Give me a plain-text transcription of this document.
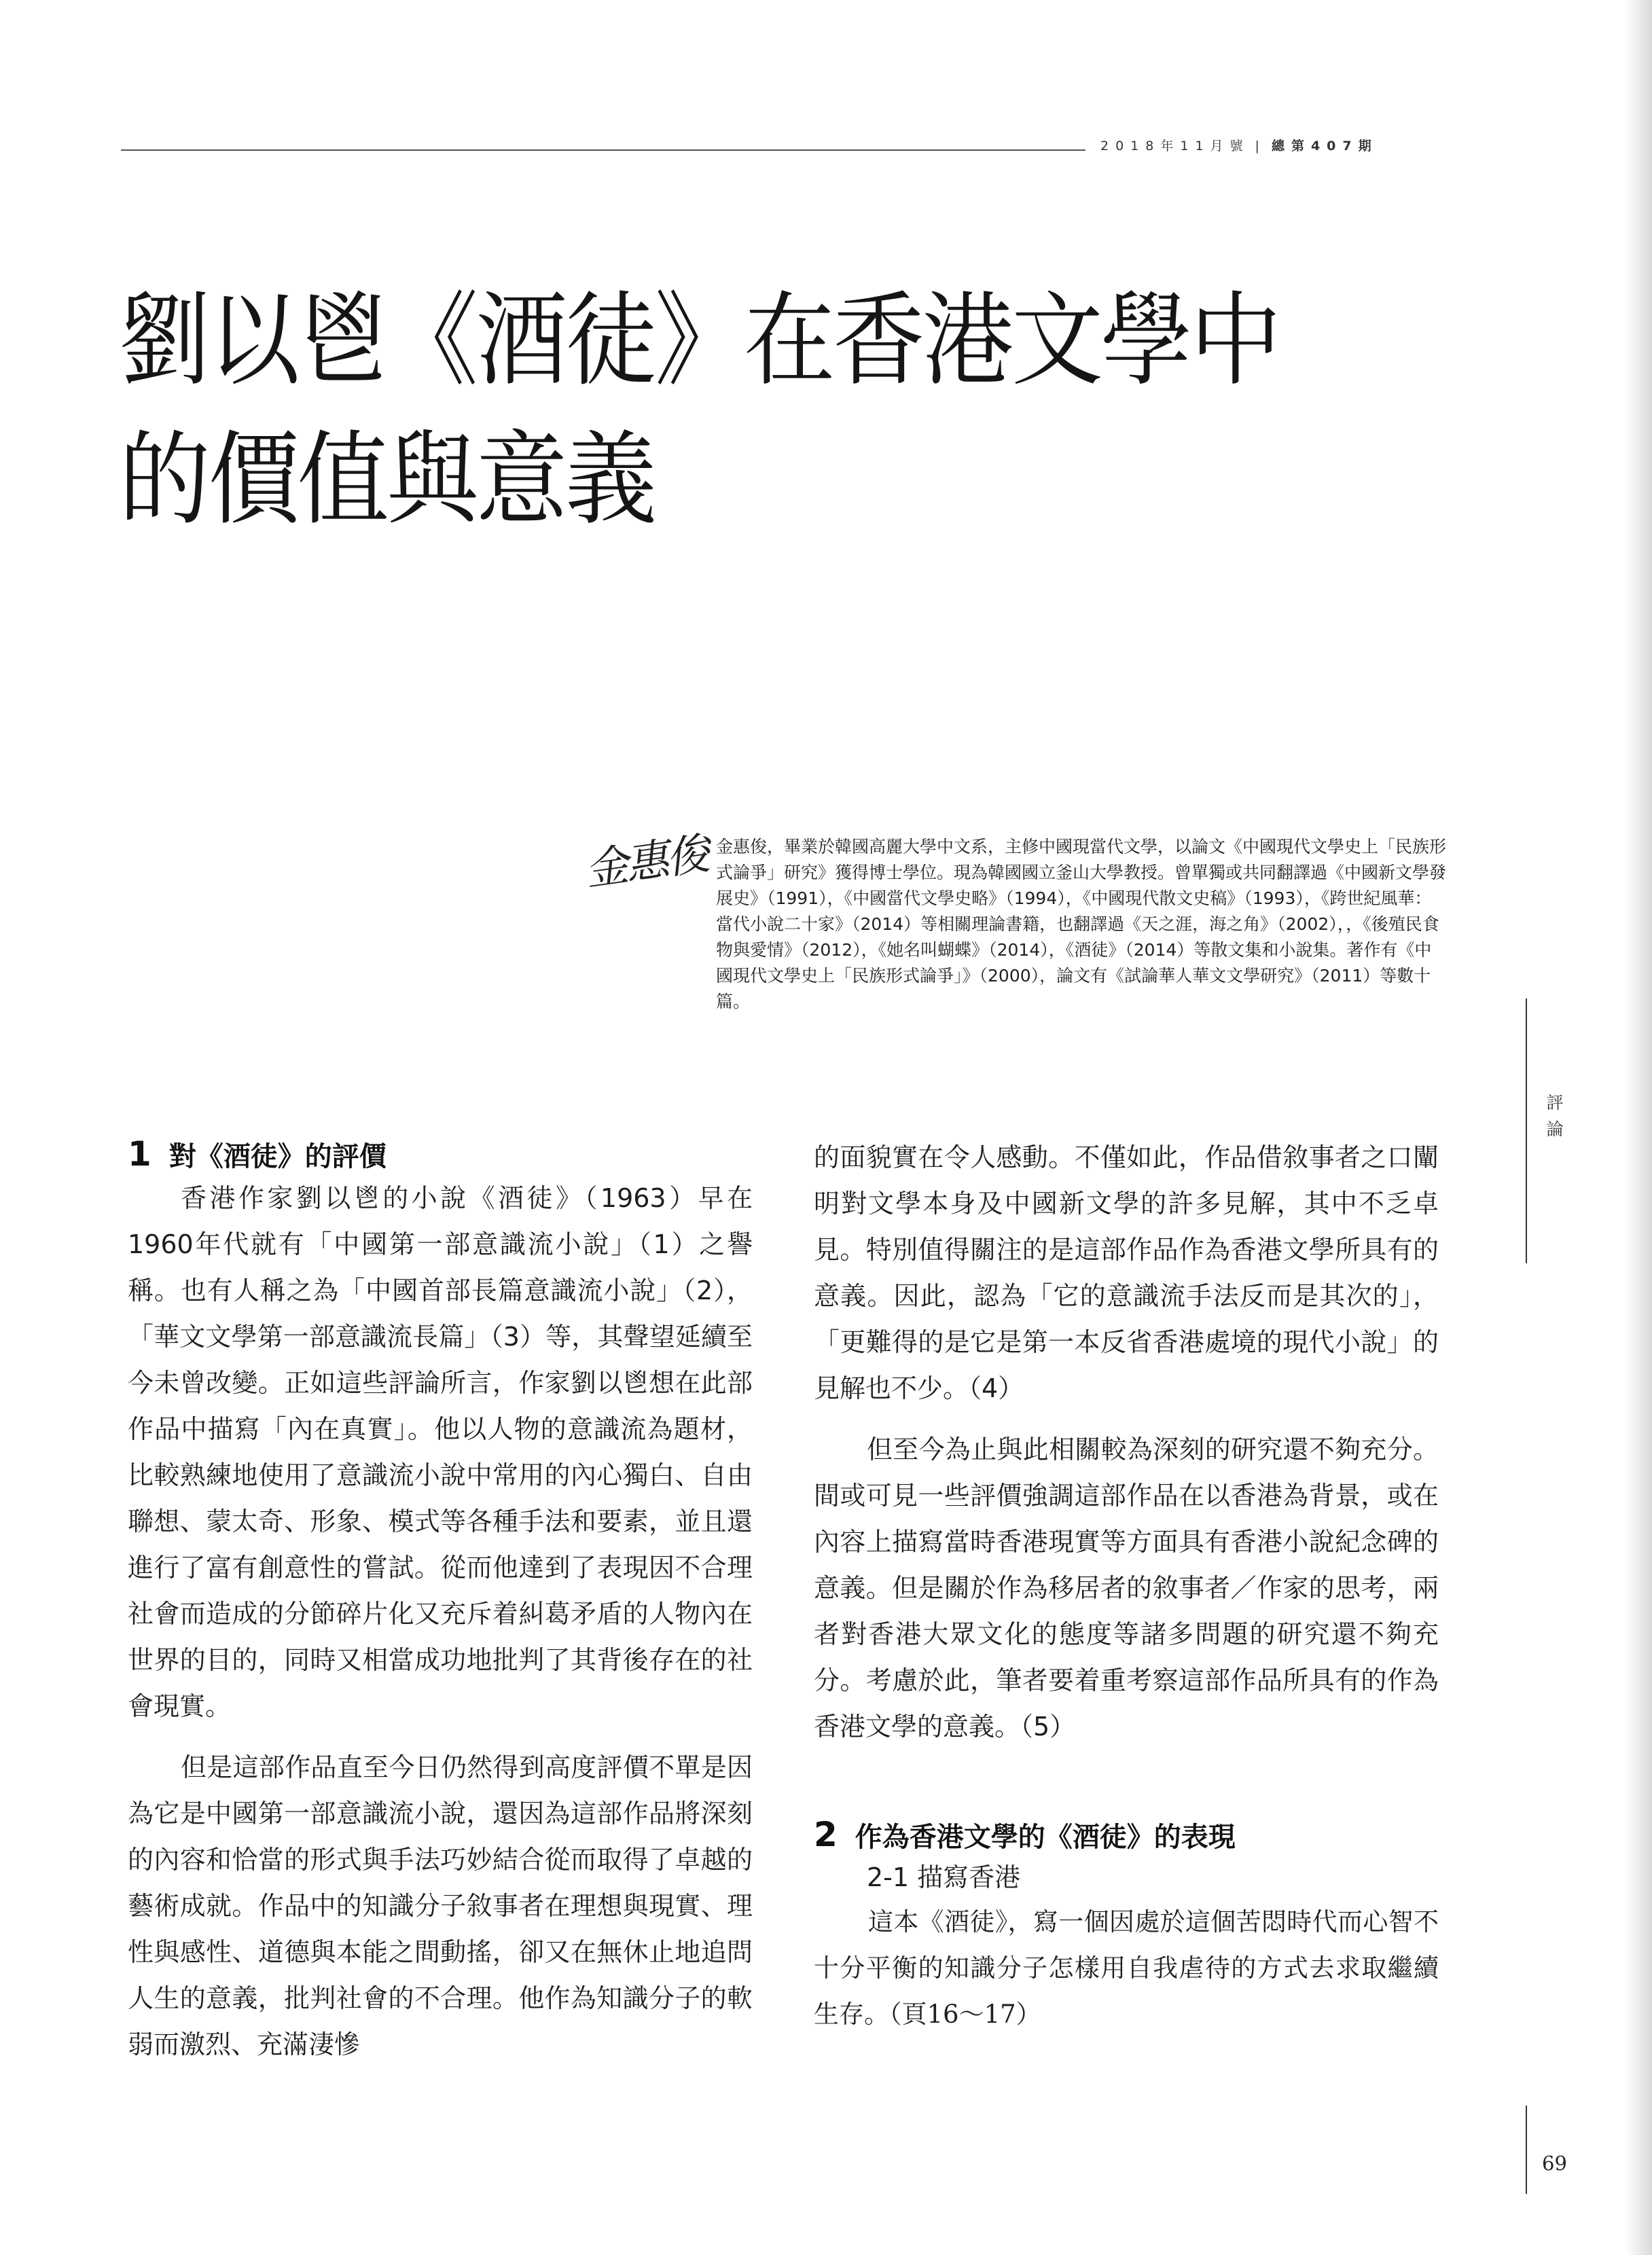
2018年11月號 | 總第407期
劉以鬯《酒徒》在香港文學中
的價值與意義
金惠俊 金惠俊，畢業於韓國高麗大學中文系，主修中國現當代文學，以論文《中國現代文學史上「民族形式論爭」研究》獲得博士學位。現為韓國國立釜山大學教授。曾單獨或共同翻譯過《中國新文學發展史》（1991），《中國當代文學史略》（1994），《中國現代散文史稿》（1993），《跨世紀風華：當代小說二十家》（2014）等相關理論書籍，也翻譯過《天之涯，海之角》（2002），，《後殖民食物與愛情》（2012），《她名叫蝴蝶》（2014），《酒徒》（2014）等散文集和小說集。著作有《中國現代文學史上「民族形式論爭」》（2000），論文有《試論華人華文文學研究》（2011）等數十篇。

評論
1 對《酒徒》的評價

香港作家劉以鬯的小說《酒徒》（1963）早在1960年代就有「中國第一部意識流小說」（1）之譽稱。也有人稱之為「中國首部長篇意識流小說」（2），「華文文學第一部意識流長篇」（3）等，其聲望延續至今未曾改變。正如這些評論所言，作家劉以鬯想在此部作品中描寫「內在真實」。他以人物的意識流為題材，比較熟練地使用了意識流小說中常用的內心獨白、自由聯想、蒙太奇、形象、模式等各種手法和要素，並且還進行了富有創意性的嘗試。從而他達到了表現因不合理社會而造成的分節碎片化又充斥着糾葛矛盾的人物內在世界的目的，同時又相當成功地批判了其背後存在的社會現實。

但是這部作品直至今日仍然得到高度評價不單是因為它是中國第一部意識流小說，還因為這部作品將深刻的內容和恰當的形式與手法巧妙結合從而取得了卓越的藝術成就。作品中的知識分子敘事者在理想與現實、理性與感性、道德與本能之間動搖，卻又在無休止地追問人生的意義，批判社會的不合理。他作為知識分子的軟弱而激烈、充滿淒慘

的面貌實在令人感動。不僅如此，作品借敘事者之口闡明對文學本身及中國新文學的許多見解，其中不乏卓見。特別值得關注的是這部作品作為香港文學所具有的意義。因此，認為「它的意識流手法反而是其次的」，「更難得的是它是第一本反省香港處境的現代小說」的見解也不少。（4）

但至今為止與此相關較為深刻的研究還不夠充分。間或可見一些評價強調這部作品在以香港為背景，或在內容上描寫當時香港現實等方面具有香港小說紀念碑的意義。但是關於作為移居者的敘事者／作家的思考，兩者對香港大眾文化的態度等諸多問題的研究還不夠充分。考慮於此，筆者要着重考察這部作品所具有的作為香港文學的意義。（5）

2 作為香港文學的《酒徒》的表現

2-1 描寫香港

這本《酒徒》，寫一個因處於這個苦悶時代而心智不十分平衡的知識分子怎樣用自我虐待的方式去求取繼續生存。（頁16～17）

69
